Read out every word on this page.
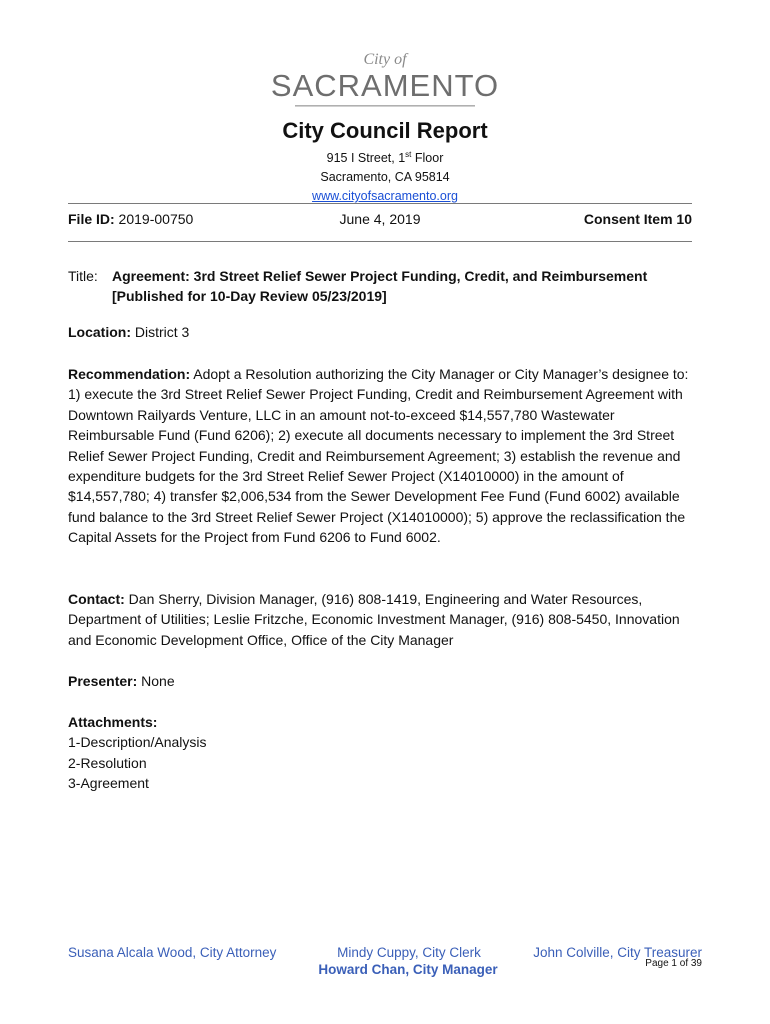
City of
SACRAMENTO
City Council Report
915 I Street, 1st Floor
Sacramento, CA 95814
www.cityofsacramento.org
June 4, 2019
File ID: 2019-00750	Consent Item 10
Title:	Agreement: 3rd Street Relief Sewer Project Funding, Credit, and Reimbursement
[Published for 10-Day Review 05/23/2019]
Location: District 3
Recommendation: Adopt a Resolution authorizing the City Manager or City Manager’s designee to: 1) execute the 3rd Street Relief Sewer Project Funding, Credit and Reimbursement Agreement with Downtown Railyards Venture, LLC in an amount not-to-exceed $14,557,780 Wastewater Reimbursable Fund (Fund 6206); 2) execute all documents necessary to implement the 3rd Street Relief Sewer Project Funding, Credit and Reimbursement Agreement; 3) establish the revenue and expenditure budgets for the 3rd Street Relief Sewer Project (X14010000) in the amount of $14,557,780; 4) transfer $2,006,534 from the Sewer Development Fee Fund (Fund 6002) available fund balance to the 3rd Street Relief Sewer Project (X14010000); 5) approve the reclassification the Capital Assets for the Project from Fund 6206 to Fund 6002.
Contact: Dan Sherry, Division Manager, (916) 808-1419, Engineering and Water Resources, Department of Utilities; Leslie Fritzche, Economic Investment Manager, (916) 808-5450, Innovation and Economic Development Office, Office of the City Manager
Presenter: None
Attachments:
1-Description/Analysis
2-Resolution
3-Agreement
Susana Alcala Wood, City Attorney	Mindy Cuppy, City Clerk	John Colville, City Treasurer
Howard Chan, City Manager	Page 1 of 39
